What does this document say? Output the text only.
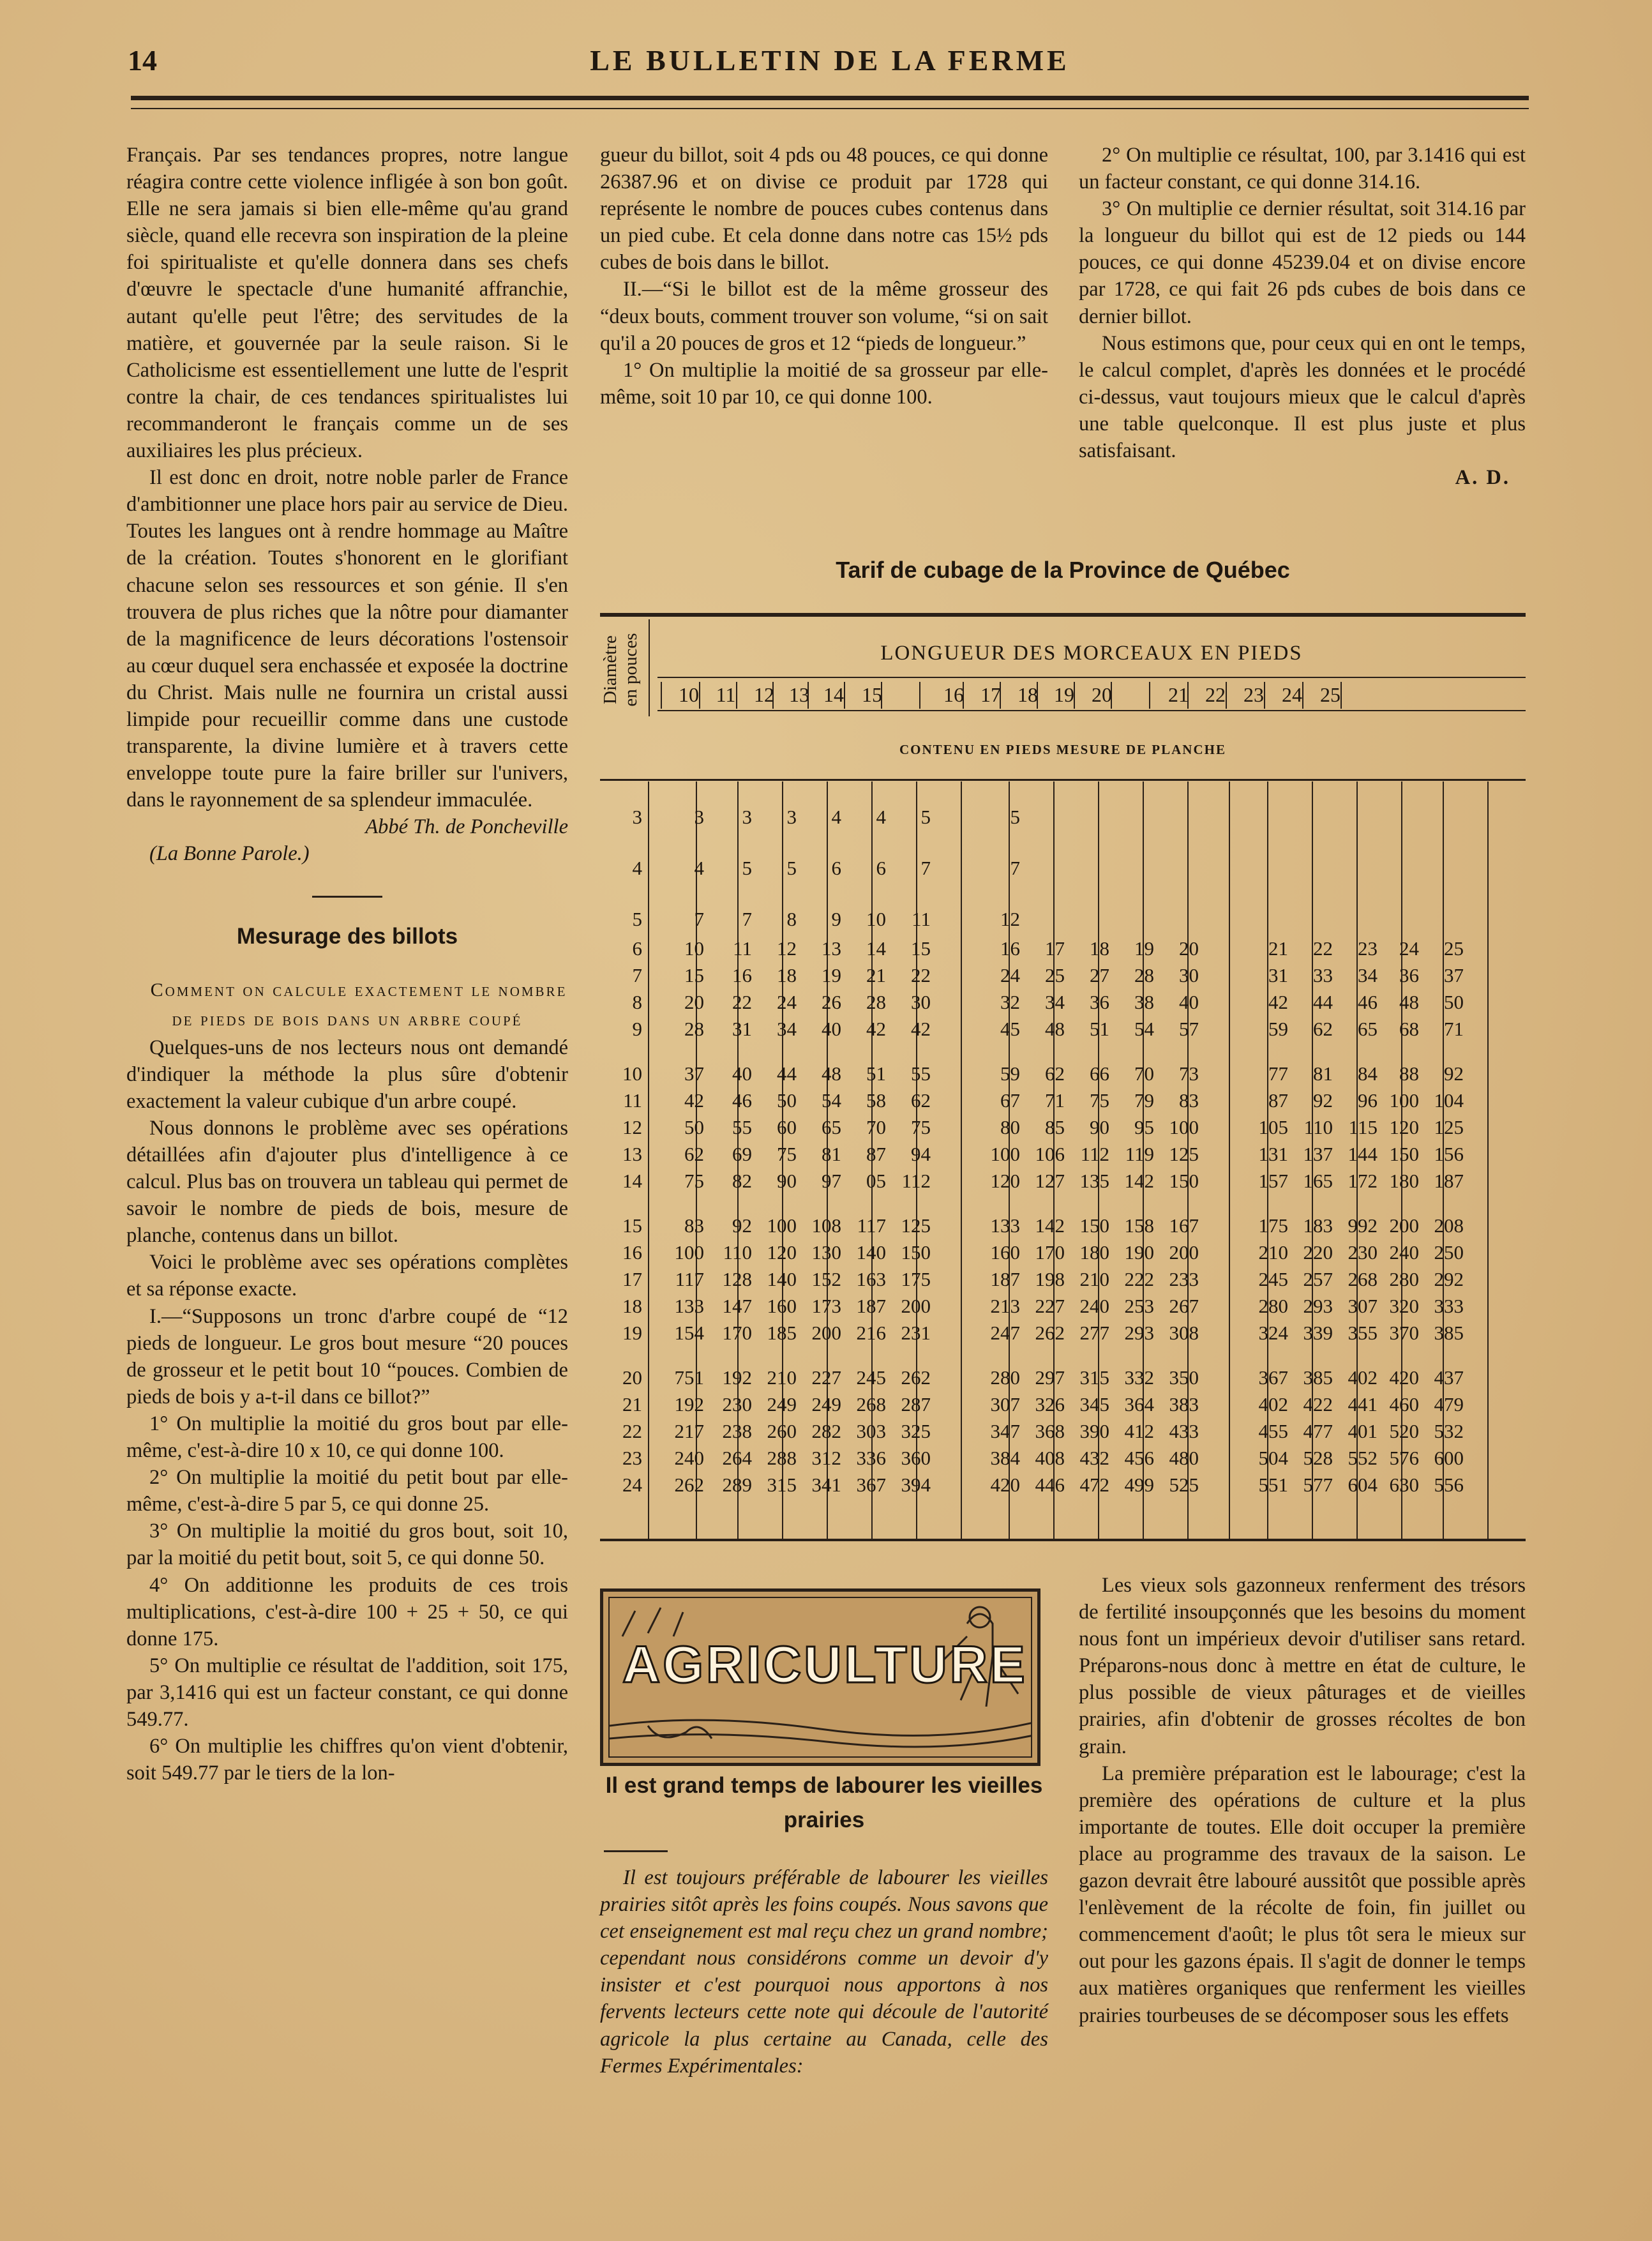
14	LE BULLETIN DE LA FERME

Français. Par ses tendances propres, notre langue réagira contre cette violence infligée à son bon goût. Elle ne sera jamais si bien elle-même qu'au grand siècle, quand elle recevra son inspiration de la pleine foi spiritualiste et qu'elle donnera dans ses chefs d'œuvre le spectacle d'une humanité affranchie, autant qu'elle peut l'être; des servitudes de la matière, et gouvernée par la seule raison. Si le Catholicisme est essentiellement une lutte de l'esprit contre la chair, de ces tendances spiritualistes lui recommanderont le français comme un de ses auxiliaires les plus précieux.

Il est donc en droit, notre noble parler de France d'ambitionner une place hors pair au service de Dieu. Toutes les langues ont à rendre hommage au Maître de la création. Toutes s'honorent en le glorifiant chacune selon ses ressources et son génie. Il s'en trouvera de plus riches que la nôtre pour diamanter de la magnificence de leurs décorations l'ostensoir au cœur duquel sera enchassée et exposée la doctrine du Christ. Mais nulle ne fournira un cristal aussi limpide pour recueillir comme dans une custode transparente, la divine lumière et à travers cette enveloppe toute pure la faire briller sur l'univers, dans le rayonnement de sa splendeur immaculée.

Abbé Th. de Poncheville

(La Bonne Parole.)

Mesurage des billots

Comment on calcule exactement le nombre de pieds de bois dans un arbre coupé

Quelques-uns de nos lecteurs nous ont demandé d'indiquer la méthode la plus sûre d'obtenir exactement la valeur cubique d'un arbre coupé.

Nous donnons le problème avec ses opérations détaillées afin d'ajouter plus d'intelligence à ce calcul. Plus bas on trouvera un tableau qui permet de savoir le nombre de pieds de bois, mesure de planche, contenus dans un billot.

Voici le problème avec ses opérations complètes et sa réponse exacte.

I.—“Supposons un tronc d'arbre coupé de “12 pieds de longueur. Le gros bout mesure “20 pouces de grosseur et le petit bout 10 “pouces. Combien de pieds de bois y a-t-il dans ce billot?”

1° On multiplie la moitié du gros bout par elle-même, c'est-à-dire 10 x 10, ce qui donne 100.

2° On multiplie la moitié du petit bout par elle-même, c'est-à-dire 5 par 5, ce qui donne 25.

3° On multiplie la moitié du gros bout, soit 10, par la moitié du petit bout, soit 5, ce qui donne 50.

4° On additionne les produits de ces trois multiplications, c'est-à-dire 100 + 25 + 50, ce qui donne 175.

5° On multiplie ce résultat de l'addition, soit 175, par 3,1416 qui est un facteur constant, ce qui donne 549.77.

6° On multiplie les chiffres qu'on vient d'obtenir, soit 549.77 par le tiers de la lon-

gueur du billot, soit 4 pds ou 48 pouces, ce qui donne 26387.96 et on divise ce produit par 1728 qui représente le nombre de pouces cubes contenus dans un pied cube. Et cela donne dans notre cas 15½ pds cubes de bois dans le billot.

II.—“Si le billot est de la même grosseur des “deux bouts, comment trouver son volume, “si on sait qu'il a 20 pouces de gros et 12 “pieds de longueur.”

1° On multiplie la moitié de sa grosseur par elle-même, soit 10 par 10, ce qui donne 100.

2° On multiplie ce résultat, 100, par 3.1416 qui est un facteur constant, ce qui donne 314.16.

3° On multiplie ce dernier résultat, soit 314.16 par la longueur du billot qui est de 12 pieds ou 144 pouces, ce qui donne 45239.04 et on divise encore par 1728, ce qui fait 26 pds cubes de bois dans ce dernier billot.

Nous estimons que, pour ceux qui en ont le temps, le calcul complet, d'après les données et le procédé ci-dessus, vaut toujours mieux que le calcul d'après une table quelconque. Il est plus juste et plus satisfaisant.

A. D.

Tarif de cubage de la Province de Québec
Diamètre en pouces	LONGUEUR DES MORCEAUX EN PIEDS
CONTENU EN PIEDS MESURE DE PLANCHE
10 11 12 13 14 15	16 17 18 19 20	21 22 23 24 25
3	3	3	3	4	4	5	5
4	4	5	5	6	6	7	7
5	7	7	8	9	10	11	12
6	10	11	12	13	14	15	16	17	18	19	20	21	22	23	24	25
7	15	16	18	19	21	22	24	25	27	28	30	31	33	34	36	37
8	20	22	24	26	28	30	32	34	36	38	40	42	44	46	48	50
9	28	31	34	40	42	42	45	48	51	54	57	59	62	65	68	71
10	37	40	44	48	51	55	59	62	66	70	73	77	81	84	88	92
11	42	46	50	54	58	62	67	71	75	79	83	87	92	96 100 104
12	50	55	60	65	70	75	80	85	90	95 100	105 110 115 120 125
13	62	69	75	81	87	94	100 106 112 119 125	131 137 144 150 156
14	75	82	90	97	05 112	120 127 135 142 150	157 165 172 180 187
15	83	92 100 108 117 125	133 142 150 158 167	175 183 992 200 208
16 100 110 120 130 140 150	160 170 180 190 200	210 220 230 240 250
17 117 128 140 152 163 175	187 198 210 222 233	245 257 268 280 292
18 133 147 160 173 187 200	213 227 240 253 267	280 293 307 320 333
19 154 170 185 200 216 231	247 262 277 293 308	324 339 355 370 385
20 751 192 210 227 245 262	280 297 315 332 350	367 385 402 420 437
21 192 230 249 249 268 287	307 326 345 364 383	402 422 441 460 479
22 217 238 260 282 303 325	347 368 390 412 433	455 477 401 520 532
23 240 264 288 312 336 360	384 408 432 456 480	504 528 552 576 600
24 262 289 315 341 367 394	420 446 472 499 525	551 577 604 630 556
AGRICULTURE
Il est grand temps de labourer les vieilles prairies

Il est toujours préférable de labourer les vieilles prairies sitôt après les foins coupés. Nous savons que cet enseignement est mal reçu chez un grand nombre; cependant nous considérons comme un devoir d'y insister et c'est pourquoi nous apportons à nos fervents lecteurs cette note qui découle de l'autorité agricole la plus certaine au Canada, celle des Fermes Expérimentales:

Les vieux sols gazonneux renferment des trésors de fertilité insoupçonnés que les besoins du moment nous font un impérieux devoir d'utiliser sans retard. Préparons-nous donc à mettre en état de culture, le plus possible de vieux pâturages et de vieilles prairies, afin d'obtenir de grosses récoltes de bon grain.

La première préparation est le labourage; c'est la première des opérations de culture et la plus importante de toutes. Elle doit occuper la première place au programme des travaux de la saison. Le gazon devrait être labouré aussitôt que possible après l'enlèvement de la récolte de foin, fin juillet ou commencement d'août; le plus tôt sera le mieux sur out pour les gazons épais. Il s'agit de donner le temps aux matières organiques que renferment les vieilles prairies tourbeuses de se décomposer sous les effets
